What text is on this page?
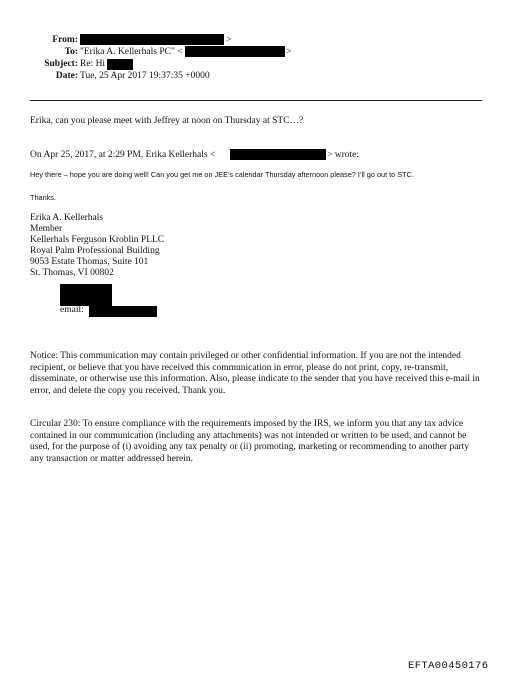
From:	>
To: "Erika A. Kellerhals PC" <	>
Subject: Re: Hi
Date: Tue, 25 Apr 2017 19:37:35 +0000
Erika, can you please meet with Jeffrey at noon on Thursday at STC…?
On Apr 25, 2017, at 2:29 PM, Erika Kellerhals <	> wrote:
Hey there – hope you are doing well! Can you get me on JEE’s calendar Thursday afternoon please? I’ll go out to STC.
Thanks.
Erika A. Kellerhals
Member
Kellerhals Ferguson Kroblin PLLC
Royal Palm Professional Building
9053 Estate Thomas, Suite 101
St. Thomas, VI 00802
email:
Notice: This communication may contain privileged or other confidential information. If you are not the intended recipient, or believe that you have received this communication in error, please do not print, copy, re-transmit, disseminate, or otherwise use this information. Also, please indicate to the sender that you have received this e-mail in error, and delete the copy you received. Thank you.
Circular 230: To ensure compliance with the requirements imposed by the IRS, we inform you that any tax advice contained in our communication (including any attachments) was not intended or written to be used, and cannot be used, for the purpose of (i) avoiding any tax penalty or (ii) promoting, marketing or recommending to another party any transaction or matter addressed herein.
EFTA00450176
